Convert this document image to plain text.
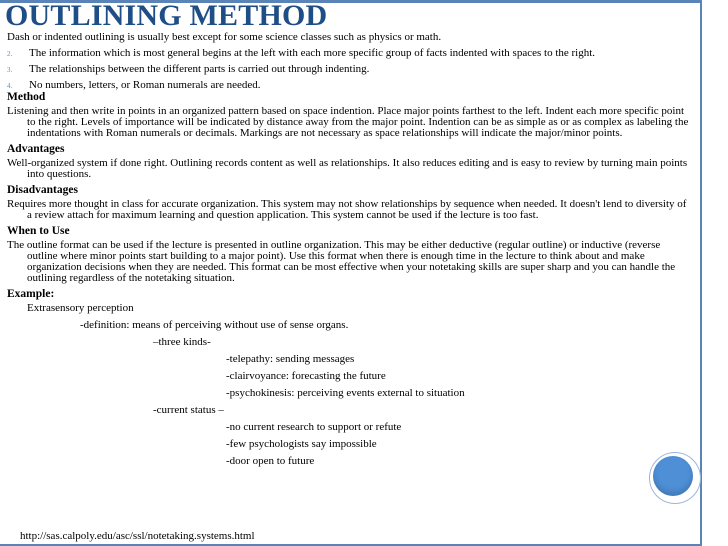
OUTLINING METHOD

Dash or indented outlining is usually best except for some science classes such as physics or math.

2. The information which is most general begins at the left with each more specific group of facts indented with spaces to the right.
3. The relationships between the different parts is carried out through indenting.
4. No numbers, letters, or Roman numerals are needed.
Method

Listening and then write in points in an organized pattern based on space indention. Place major points farthest to the left. Indent each more specific point to the right. Levels of importance will be indicated by distance away from the major point. Indention can be as simple as or as complex as labeling the indentations with Roman numerals or decimals. Markings are not necessary as space relationships will indicate the major/minor points.

Advantages

Well-organized system if done right. Outlining records content as well as relationships. It also reduces editing and is easy to review by turning main points into questions.

Disadvantages

Requires more thought in class for accurate organization. This system may not show relationships by sequence when needed. It doesn't lend to diversity of a review attach for maximum learning and question application. This system cannot be used if the lecture is too fast.

When to Use

The outline format can be used if the lecture is presented in outline organization. This may be either deductive (regular outline) or inductive (reverse outline where minor points start building to a major point). Use this format when there is enough time in the lecture to think about and make organization decisions when they are needed. This format can be most effective when your notetaking skills are super sharp and you can handle the outlining regardless of the notetaking situation.

Example:
Extrasensory perception
-definition: means of perceiving without use of sense organs.
–three kinds-
-telepathy: sending messages
-clairvoyance: forecasting the future
-psychokinesis: perceiving events external to situation
-current status –
-no current research to support or refute
-few psychologists say impossible
-door open to future
http://sas.calpoly.edu/asc/ssl/notetaking.systems.html
